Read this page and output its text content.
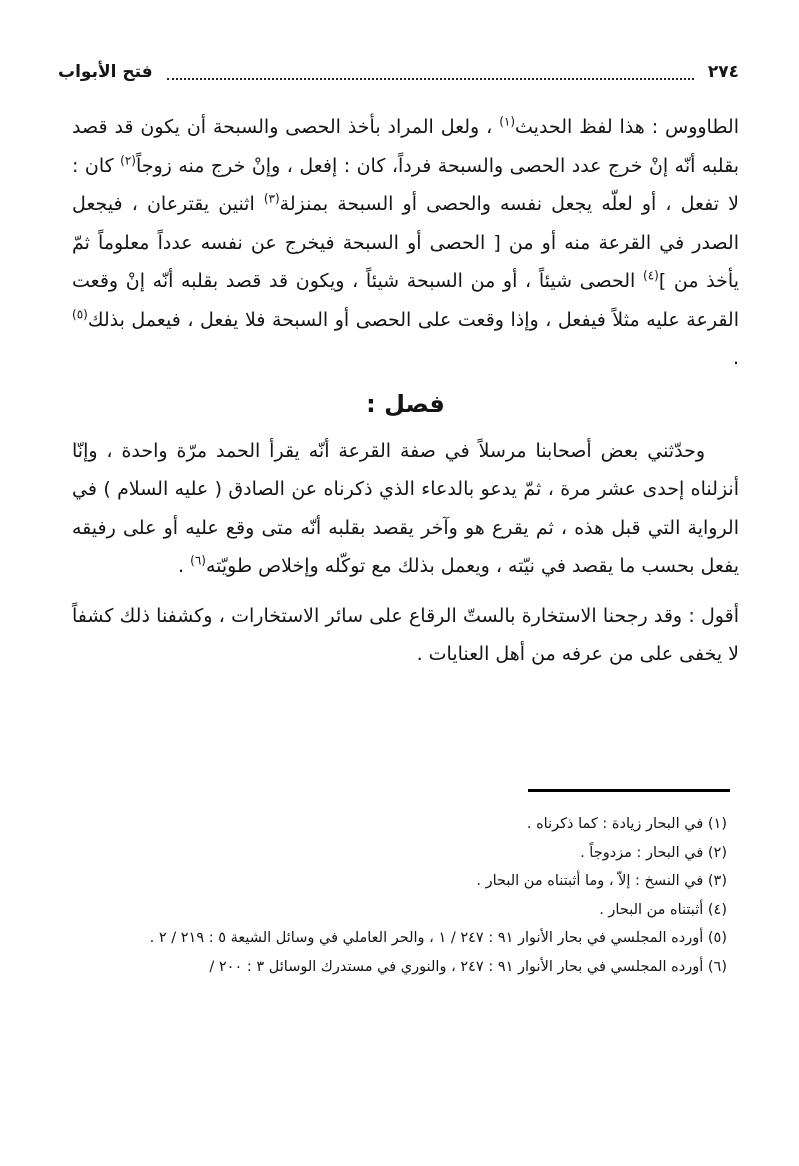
٢٧٤
فتح الأبواب

الطاووس : هذا لفظ الحديث$^{(١)}$ ، ولعل المراد بأخذ الحصى والسبحة أن يكون قد قصد بقلبه أنّه إنْ خرج عدد الحصى والسبحة فرداً، كان : إفعل ، وإنْ خرج منه زوجاً$^{(٢)}$ كان : لا تفعل ، أو لعلّه يجعل نفسه والحصى أو السبحة بمنزلة$^{(٣)}$ اثنين يقترعان ، فيجعل الصدر في القرعة منه أو من [ الحصى أو السبحة فيخرج عن نفسه عدداً معلوماً ثمّ يأخذ من ]$^{(٤)}$ الحصى شيئاً ، أو من السبحة شيئاً ، ويكون قد قصد بقلبه أنّه إنْ وقعت القرعة عليه مثلاً فيفعل ، وإذا وقعت على الحصى أو السبحة فلا يفعل ، فيعمل بذلك$^{(٥)}$ .

فصل :

وحدّثني بعض أصحابنا مرسلاً في صفة القرعة أنّه يقرأ الحمد مرّة واحدة ، وإنّا أنزلناه إحدى عشر مرة ، ثمّ يدعو بالدعاء الذي ذكرناه عن الصادق ( عليه السلام ) في الرواية التي قبل هذه ، ثم يقرع هو وآخر يقصد بقلبه أنّه متى وقع عليه أو على رفيقه يفعل بحسب ما يقصد في نيّته ، ويعمل بذلك مع توكّله وإخلاص طويّته$^{(٦)}$ .

أقول : وقد رجحنا الاستخارة بالستّ الرقاع على سائر الاستخارات ، وكشفنا ذلك كشفاً لا يخفى على من عرفه من أهل العنايات .

(١) في البحار زيادة : كما ذكرناه .
(٢) في البحار : مزدوجاً .
(٣) في النسخ : إلاّ ، وما أثبتناه من البحار .
(٤) أثبتناه من البحار .
(٥) أورده المجلسي في بحار الأنوار ٩١ : ٢٤٧ / ١ ، والحر العاملي في وسائل الشيعة ٥ : ٢١٩ / ٢ .
(٦) أورده المجلسي في بحار الأنوار ٩١ : ٢٤٧ ، والنوري في مستدرك الوسائل ٣ : ٢٠٠ /
